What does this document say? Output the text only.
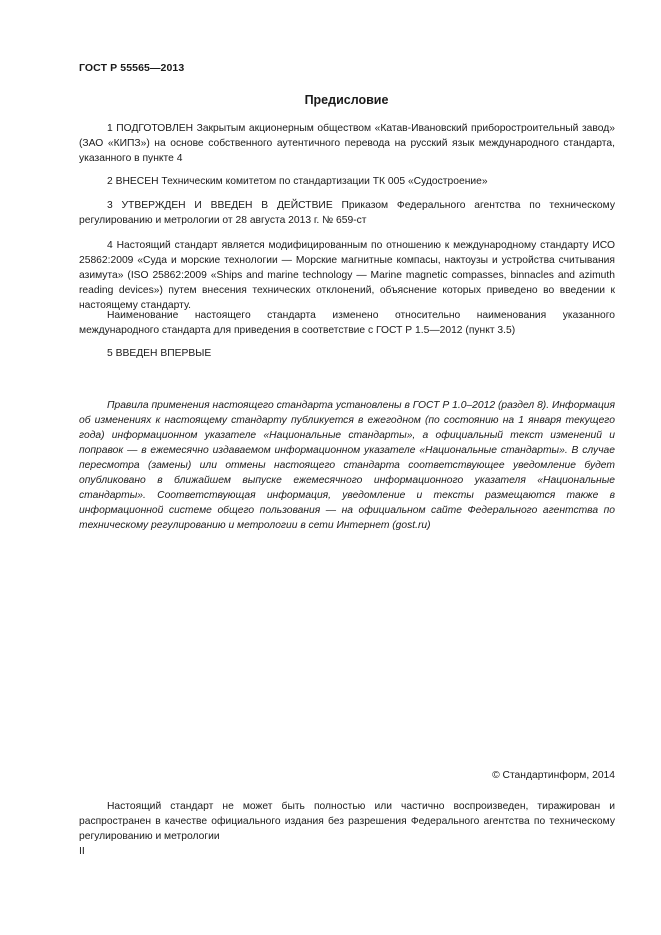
ГОСТ Р 55565—2013
Предисловие
1 ПОДГОТОВЛЕН Закрытым акционерным обществом «Катав-Ивановский приборостроительный завод» (ЗАО «КИПЗ») на основе собственного аутентичного перевода на русский язык международного стандарта, указанного в пункте 4
2 ВНЕСЕН Техническим комитетом по стандартизации ТК 005 «Судостроение»
3 УТВЕРЖДЕН И ВВЕДЕН В ДЕЙСТВИЕ Приказом Федерального агентства по техническому регулированию и метрологии от 28 августа 2013 г. № 659-ст
4 Настоящий стандарт является модифицированным по отношению к международному стандарту ИСО 25862:2009 «Суда и морские технологии — Морские магнитные компасы, нактоузы и устройства считывания азимута» (ISO 25862:2009 «Ships and marine technology — Marine magnetic compasses, binnacles and azimuth reading devices») путем внесения технических отклонений, объяснение которых приведено во введении к настоящему стандарту.
Наименование настоящего стандарта изменено относительно наименования указанного международного стандарта для приведения в соответствие с ГОСТ Р 1.5—2012 (пункт 3.5)
5 ВВЕДЕН ВПЕРВЫЕ
Правила применения настоящего стандарта установлены в ГОСТ Р 1.0–2012 (раздел 8). Информация об изменениях к настоящему стандарту публикуется в ежегодном (по состоянию на 1 января текущего года) информационном указателе «Национальные стандарты», а официальный текст изменений и поправок — в ежемесячно издаваемом информационном указателе «Национальные стандарты». В случае пересмотра (замены) или отмены настоящего стандарта соответствующее уведомление будет опубликовано в ближайшем выпуске ежемесячного информационного указателя «Национальные стандарты». Соответствующая информация, уведомление и тексты размещаются также в информационной системе общего пользования — на официальном сайте Федерального агентства по техническому регулированию и метрологии в сети Интернет (gost.ru)
© Стандартинформ, 2014
Настоящий стандарт не может быть полностью или частично воспроизведен, тиражирован и распространен в качестве официального издания без разрешения Федерального агентства по техническому регулированию и метрологии
II
